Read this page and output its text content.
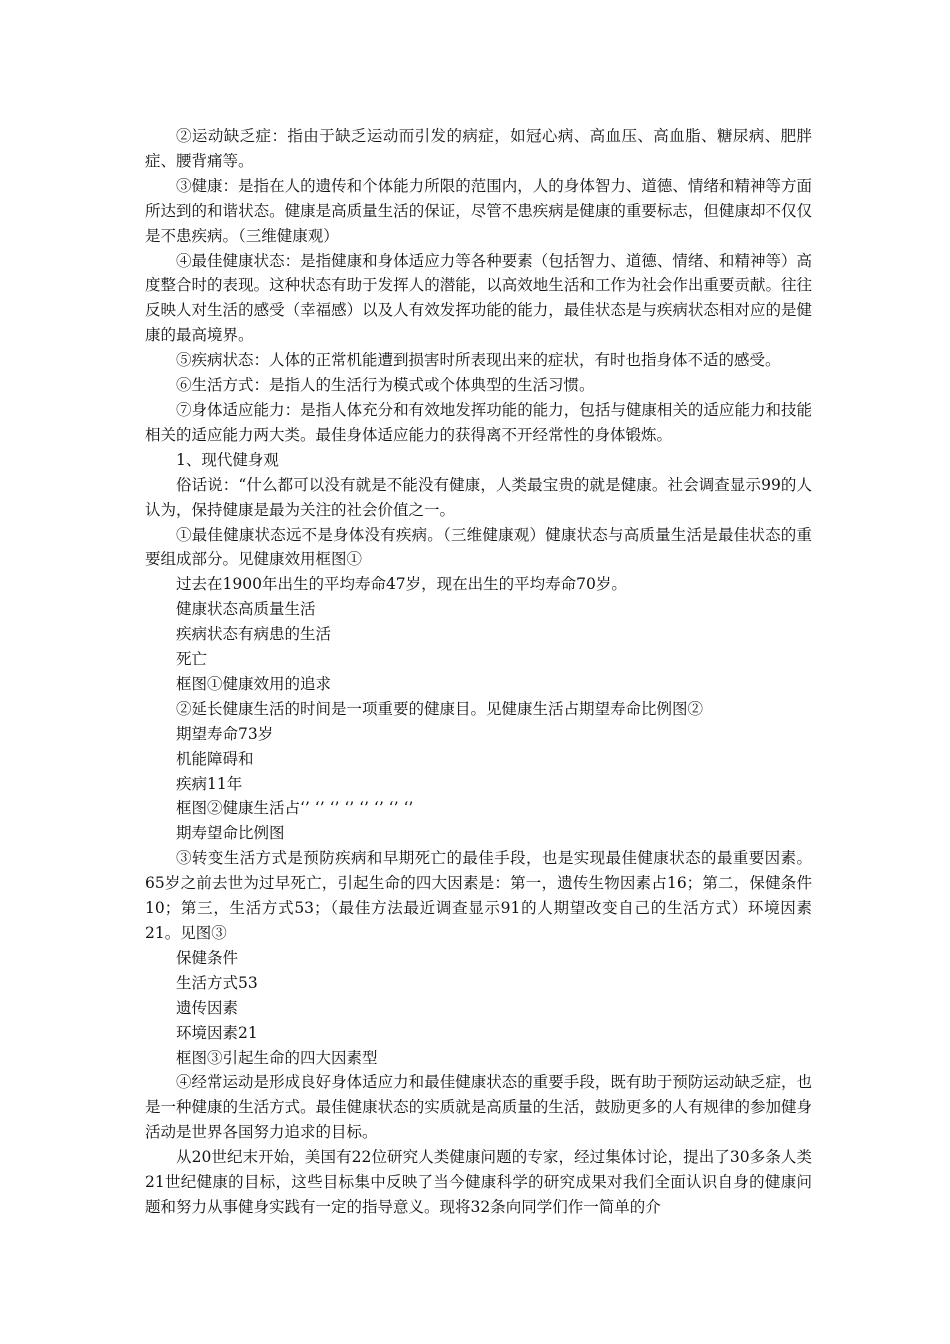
②运动缺乏症：指由于缺乏运动而引发的病症，如冠心病、高血压、高血脂、糖尿病、肥胖症、腰背痛等。

③健康：是指在人的遗传和个体能力所限的范围内，人的身体智力、道德、情绪和精神等方面所达到的和谐状态。健康是高质量生活的保证，尽管不患疾病是健康的重要标志，但健康却不仅仅是不患疾病。（三维健康观）

④最佳健康状态：是指健康和身体适应力等各种要素（包括智力、道德、情绪、和精神等）高度整合时的表现。这种状态有助于发挥人的潜能，以高效地生活和工作为社会作出重要贡献。往往反映人对生活的感受（幸福感）以及人有效发挥功能的能力，最佳状态是与疾病状态相对应的是健康的最高境界。

⑤疾病状态：人体的正常机能遭到损害时所表现出来的症状，有时也指身体不适的感受。

⑥生活方式：是指人的生活行为模式或个体典型的生活习惯。

⑦身体适应能力：是指人体充分和有效地发挥功能的能力，包括与健康相关的适应能力和技能相关的适应能力两大类。最佳身体适应能力的获得离不开经常性的身体锻炼。

1、现代健身观

俗话说：“什么都可以没有就是不能没有健康，人类最宝贵的就是健康。社会调查显示99的人认为，保持健康是最为关注的社会价值之一。

①最佳健康状态远不是身体没有疾病。（三维健康观）健康状态与高质量生活是最佳状态的重要组成部分。见健康效用框图①

过去在1900年出生的平均寿命47岁，现在出生的平均寿命70岁。

健康状态高质量生活

疾病状态有病患的生活

死亡

框图①健康效用的追求

②延长健康生活的时间是一项重要的健康目。见健康生活占期望寿命比例图②

期望寿命73岁

机能障碍和

疾病11年

框图②健康生活占‘’ ‘’ ‘’ ‘’ ‘’ ‘’ ‘’ ‘’

期寿望命比例图

③转变生活方式是预防疾病和早期死亡的最佳手段，也是实现最佳健康状态的最重要因素。65岁之前去世为过早死亡，引起生命的四大因素是：第一，遗传生物因素占16；第二，保健条件10；第三，生活方式53；（最佳方法最近调查显示91的人期望改变自己的生活方式）环境因素21。见图③

保健条件

生活方式53

遗传因素

环境因素21

框图③引起生命的四大因素型

④经常运动是形成良好身体适应力和最佳健康状态的重要手段，既有助于预防运动缺乏症，也是一种健康的生活方式。最佳健康状态的实质就是高质量的生活，鼓励更多的人有规律的参加健身活动是世界各国努力追求的目标。

从20世纪末开始，美国有22位研究人类健康问题的专家，经过集体讨论，提出了30多条人类21世纪健康的目标，这些目标集中反映了当今健康科学的研究成果对我们全面认识自身的健康问题和努力从事健身实践有一定的指导意义。现将32条向同学们作一简单的介
